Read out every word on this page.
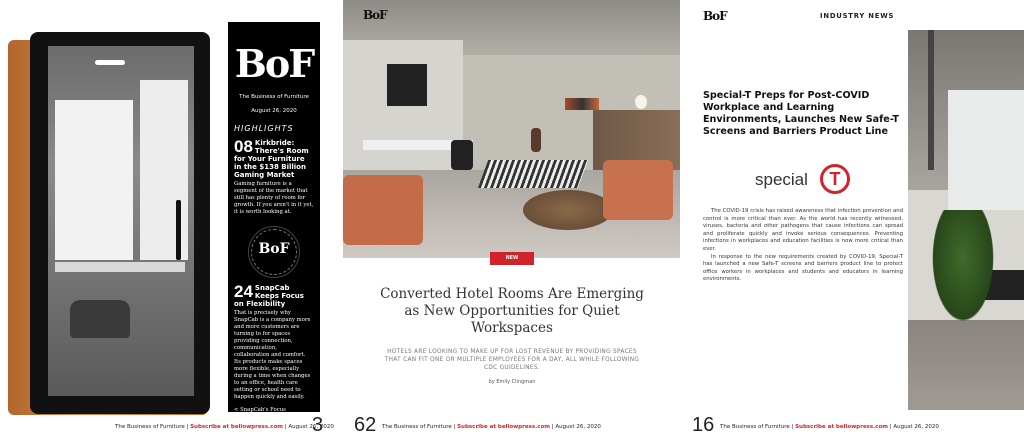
BoF
The Business of Furniture
August 26, 2020
HIGHLIGHTS
08 Kirkbride: There's Room for Your Furniture in the $138 Billion Gaming Market
Gaming furniture is a segment of the market that still has plenty of room for growth. If you aren't in it yet, it is worth looking at.
BoF
24 SnapCab Keeps Focus on Flexibility
That is precisely why SnapCab is a company more and more customers are turning to for spaces providing connection, communication, collaboration and comfort. Its products make spaces more flexible, especially during a time when changes to an office, health care setting or school need to happen quickly and easily.
< SnapCab's Focus Workspace
The Business of Furniture | Subscribe at bellowpress.com | August 26, 2020
3
BoF
NEW WORKSPACES
Converted Hotel Rooms Are Emerging as New Opportunities for Quiet Workspaces
HOTELS ARE LOOKING TO MAKE UP FOR LOST REVENUE BY PROVIDING SPACES THAT CAN FIT ONE OR MULTIPLE EMPLOYEES FOR A DAY, ALL WHILE FOLLOWING CDC GUIDELINES.
by Emily Clingman
62 The Business of Furniture | Subscribe at bellowpress.com | August 26, 2020
BoF	INDUSTRY NEWS
Special-T Preps for Post-COVID Workplace and Learning Environments, Launches New Safe-T Screens and Barriers Product Line
special	T

The COVID-19 crisis has raised awareness that infection prevention and control is more critical than ever. As the world has recently witnessed, viruses, bacteria and other pathogens that cause infections can spread and proliferate quickly and invoke serious consequences. Preventing infections in workplaces and education facilities is now more critical than ever.

In response to the new requirements created by COVID-19, Special-T has launched a new Safe-T screens and barriers product line to protect office workers in workplaces and students and educators in learning environments.

16 The Business of Furniture | Subscribe at bellowpress.com | August 26, 2020
